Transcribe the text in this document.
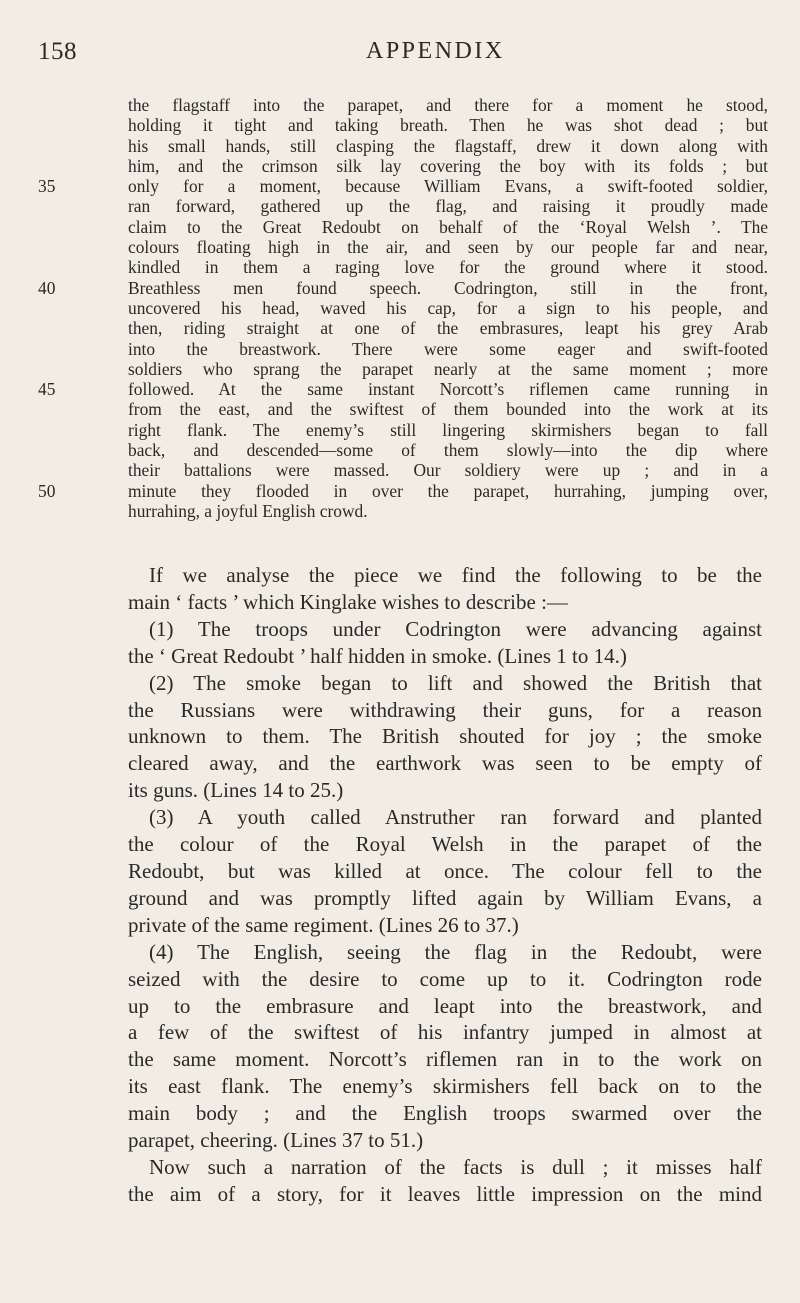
158	APPENDIX
the flagstaff into the parapet, and there for a moment he stood,
holding it tight and taking breath. Then he was shot dead ; but
his small hands, still clasping the flagstaff, drew it down along with
him, and the crimson silk lay covering the boy with its folds ; but
35	only for a moment, because William Evans, a swift-footed soldier,
ran forward, gathered up the flag, and raising it proudly made
claim to the Great Redoubt on behalf of the ‘Royal Welsh ’. The
colours floating high in the air, and seen by our people far and near,
kindled in them a raging love for the ground where it stood.
40	Breathless men found speech. Codrington, still in the front,
uncovered his head, waved his cap, for a sign to his people, and
then, riding straight at one of the embrasures, leapt his grey Arab
into the breastwork. There were some eager and swift-footed
soldiers who sprang the parapet nearly at the same moment ; more
45	followed. At the same instant Norcott’s riflemen came running in
from the east, and the swiftest of them bounded into the work at its
right flank. The enemy’s still lingering skirmishers began to fall
back, and descended—some of them slowly—into the dip where
their battalions were massed. Our soldiery were up ; and in a
50	minute they flooded in over the parapet, hurrahing, jumping over,
hurrahing, a joyful English crowd.
If we analyse the piece we find the following to be the
main ‘ facts ’ which Kinglake wishes to describe :—
(1) The troops under Codrington were advancing against
the ‘ Great Redoubt ’ half hidden in smoke. (Lines 1 to 14.)
(2) The smoke began to lift and showed the British that
the Russians were withdrawing their guns, for a reason
unknown to them. The British shouted for joy ; the smoke
cleared away, and the earthwork was seen to be empty of
its guns. (Lines 14 to 25.)
(3) A youth called Anstruther ran forward and planted
the colour of the Royal Welsh in the parapet of the
Redoubt, but was killed at once. The colour fell to the
ground and was promptly lifted again by William Evans, a
private of the same regiment. (Lines 26 to 37.)
(4) The English, seeing the flag in the Redoubt, were
seized with the desire to come up to it. Codrington rode
up to the embrasure and leapt into the breastwork, and
a few of the swiftest of his infantry jumped in almost at
the same moment. Norcott’s riflemen ran in to the work on
its east flank. The enemy’s skirmishers fell back on to the
main body ; and the English troops swarmed over the
parapet, cheering. (Lines 37 to 51.)
Now such a narration of the facts is dull ; it misses half
the aim of a story, for it leaves little impression on the mind
